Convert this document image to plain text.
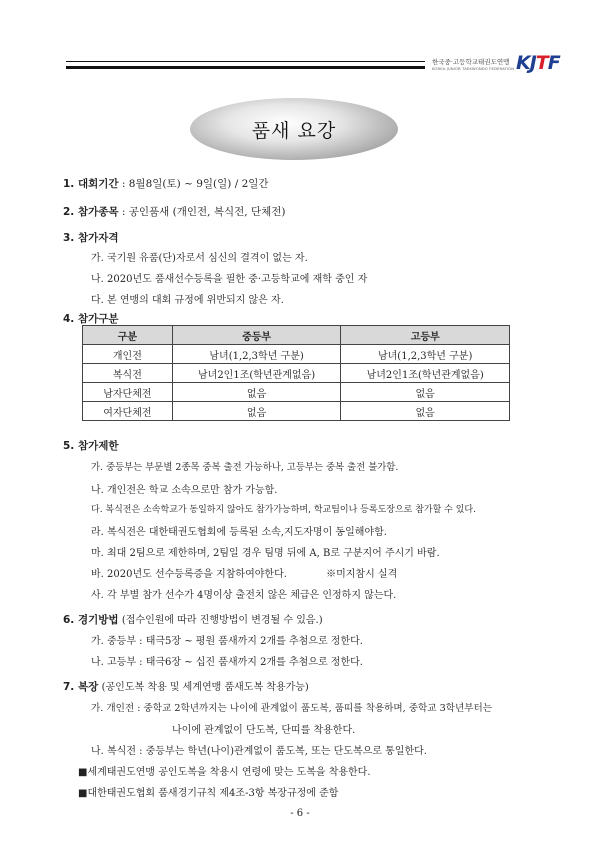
한국중·고등학교태권도연맹
KOREA JUNIOR TAEKWONDO FEDERATION KJTF
품새 요강
1. 대회기간 : 8월8일(토) ~ 9일(일) / 2일간
2. 참가종목 : 공인품새 (개인전, 복식전, 단체전)
3. 참가자격
가. 국기원 유품(단)자로서 심신의 결격이 없는 자.
나. 2020년도 품새선수등록을 필한 중·고등학교에 재학 중인 자
다. 본 연맹의 대회 규정에 위반되지 않은 자.
4. 참가구분
구분	중등부	고등부
개인전	남녀(1,2,3학년 구분)	남녀(1,2,3학년 구분)
복식전	남녀2인1조(학년관계없음)	남녀2인1조(학년관계없음)
남자단체전	없음	없음
여자단체전	없음	없음
5. 참가제한
가. 중등부는 부문별 2종목 중복 출전 가능하나, 고등부는 중복 출전 불가함.
나. 개인전은 학교 소속으로만 참가 가능함.
다. 복식전은 소속학교가 동일하지 않아도 참가가능하며, 학교팀이나 등록도장으로 참가할 수 있다.
라. 복식전은 대한태권도협회에 등록된 소속,지도자명이 동일해야함.
마. 최대 2팀으로 제한하며, 2팀일 경우 팀명 뒤에 A, B로 구분지어 주시기 바람.
바. 2020년도 선수등록증을 지참하여야한다.	※미지참시 실격
사. 각 부별 참가 선수가 4명이상 출전치 않은 체급은 인정하지 않는다.
6. 경기방법 (접수인원에 따라 진행방법이 변경될 수 있음.)
가. 중등부 : 태극5장 ~ 평원 품새까지 2개를 추첨으로 정한다.
나. 고등부 : 태극6장 ~ 십진 품새까지 2개를 추첨으로 정한다.
7. 복장 (공인도복 착용 및 세계연맹 품새도복 착용가능)
가. 개인전 : 중학교 2학년까지는 나이에 관계없이 품도복, 품띠를 착용하며, 중학교 3학년부터는
나이에 관계없이 단도복, 단띠를 착용한다.
나. 복식전 : 중등부는 학년(나이)관계없이 품도복, 또는 단도복으로 통일한다.
■세계태권도연맹 공인도복을 착용시 연령에 맞는 도복을 착용한다.
■대한태권도협회 품새경기규칙 제4조-3항 복장규정에 준함
- 6 -
